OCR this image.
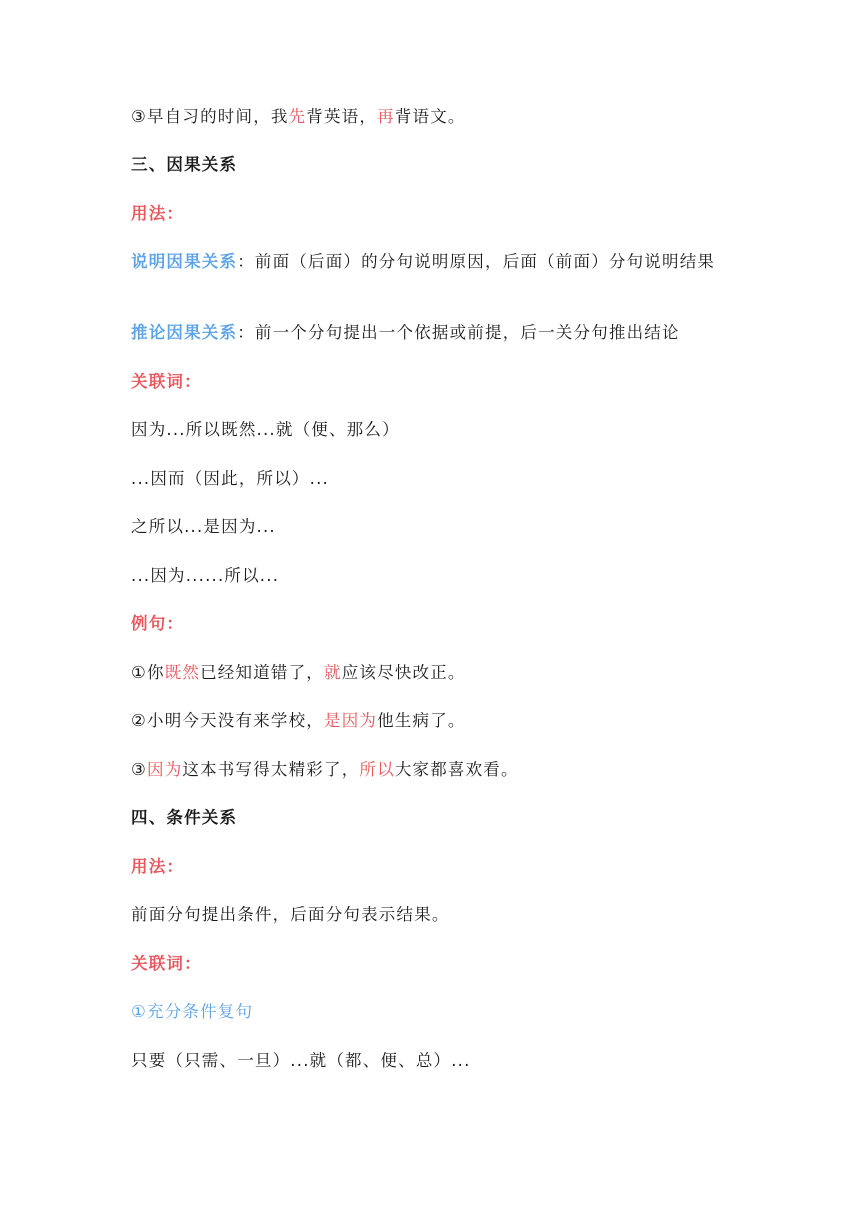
③早自习的时间，我先背英语，再背语文。
三、因果关系
用法：
说明因果关系：前面（后面）的分句说明原因，后面（前面）分句说明结果
推论因果关系：前一个分句提出一个依据或前提，后一关分句推出结论
关联词：
因为...所以既然...就（便、那么）
...因而（因此，所以）...
之所以...是因为...
...因为......所以...
例句：
①你既然已经知道错了，就应该尽快改正。
②小明今天没有来学校，是因为他生病了。
③因为这本书写得太精彩了，所以大家都喜欢看。
四、条件关系
用法：
前面分句提出条件，后面分句表示结果。
关联词：
①充分条件复句
只要（只需、一旦）...就（都、便、总）...
